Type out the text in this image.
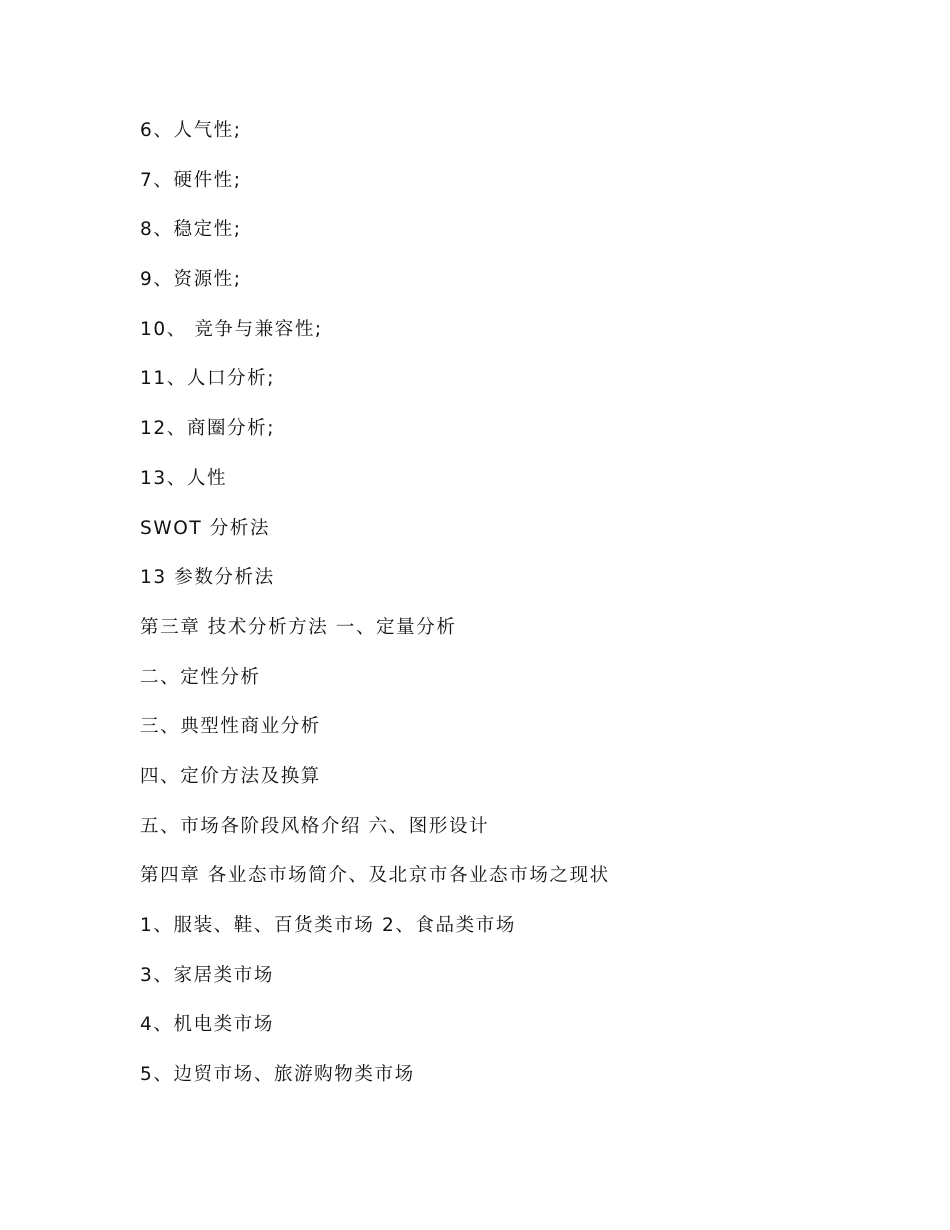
6、人气性;
7、硬件性;
8、稳定性;
9、资源性;
10、 竞争与兼容性;
11、人口分析;
12、商圈分析;
13、人性
SWOT 分析法
13 参数分析法
第三章 技术分析方法 一、定量分析
二、定性分析
三、典型性商业分析
四、定价方法及换算
五、市场各阶段风格介绍 六、图形设计
第四章 各业态市场简介、及北京市各业态市场之现状
1、服装、鞋、百货类市场 2、食品类市场
3、家居类市场
4、机电类市场
5、边贸市场、旅游购物类市场
